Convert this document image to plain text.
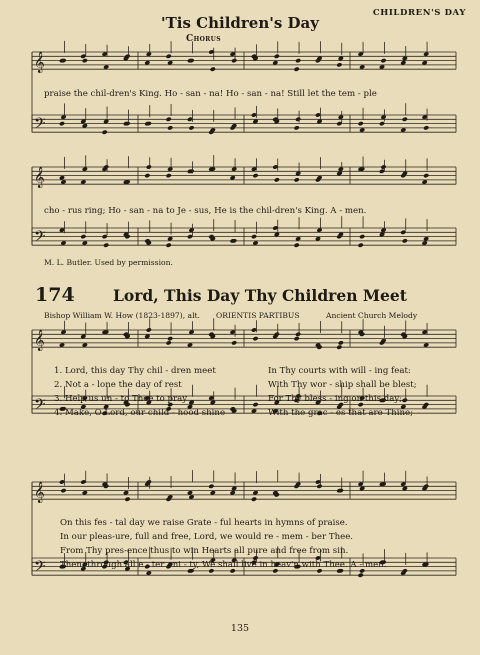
CHILDREN'S DAY
'Tis Children's Day
Chorus
𝄞
𝄢
𝄞
𝄢
𝄞
𝄢
𝄞
𝄢
praise the chil-dren's King. Ho - san - na! Ho - san - na! Still let the tem - ple
cho - rus ring; Ho - san - na to Je - sus, He is the chil-dren's King. A - men.
M. L. Butler. Used by permission.
174 Lord, This Day Thy Children Meet
Bishop William W. How (1823-1897), alt. ORIENTIS PARTIBUS	Ancient Church Melody
1. Lord, this day Thy chil - dren meet
2. Not a - lone the day of rest
3. Help us un - to Thee to pray
4. Make, O Lord, our child - hood shine
In Thy courts with will - ing feat:
With Thy wor - ship shall be blest;
For Thy bless - ing on this day;
With the grac - es that are Thine;
On this fes - tal day we raise Grate - ful hearts in hymns of praise.
In our pleas-ure, full and free, Lord, we would re - mem - ber Thee.
From Thy pres-ence thus to win Hearts all pure and free from sin.
Then, through all e - ter - ni - ty, We shall live in heav'n with Thee. A - men.
135
